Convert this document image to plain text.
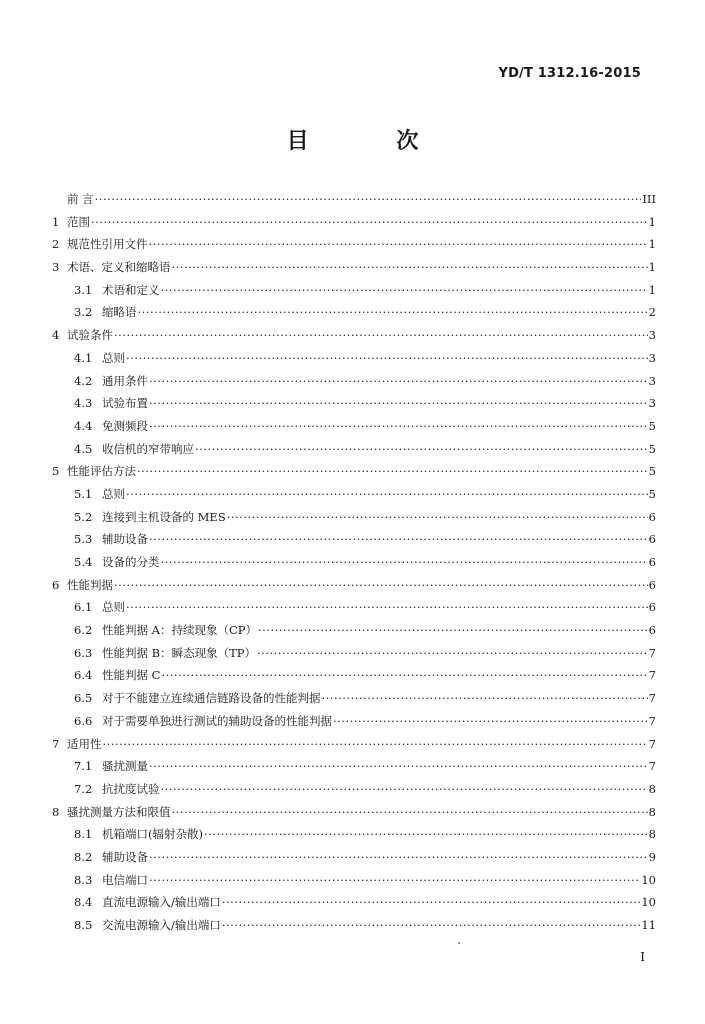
YD/T 1312.16-2015
目 次
前 言 ·····	III
1 范围 ·····	1
2 规范性引用文件 ·····	1
3 术语、定义和缩略语 ·····	1
3.1 术语和定义 ·····	1
3.2 缩略语 ·····	2
4 试验条件 ·····	3
4.1 总则 ·····	3
4.2 通用条件 ·····	3
4.3 试验布置 ·····	3
4.4 免测频段 ·····	5
4.5 收信机的窄带响应 ·····	5
5 性能评估方法 ·····	5
5.1 总则 ·····	5
5.2 连接到主机设备的 MES ·····	6
5.3 辅助设备 ·····	6
5.4 设备的分类 ·····	6
6 性能判据 ·····	6
6.1 总则 ·····	6
6.2 性能判据 A：持续现象（CP） ·····	6
6.3 性能判据 B：瞬态现象（TP） ·····	7
6.4 性能判据 C ·····	7
6.5 对于不能建立连续通信链路设备的性能判据 ·····	7
6.6 对于需要单独进行测试的辅助设备的性能判据 ·····	7
7 适用性 ·····	7
7.1 骚扰测量 ·····	7
7.2 抗扰度试验 ·····	8
8 骚扰测量方法和限值 ·····	8
8.1 机箱端口(辐射杂散) ·····	8
8.2 辅助设备 ·····	9
8.3 电信端口 ·····	10
8.4 直流电源输入/输出端口 ·····	10
8.5 交流电源输入/输出端口 ·····	11
I
